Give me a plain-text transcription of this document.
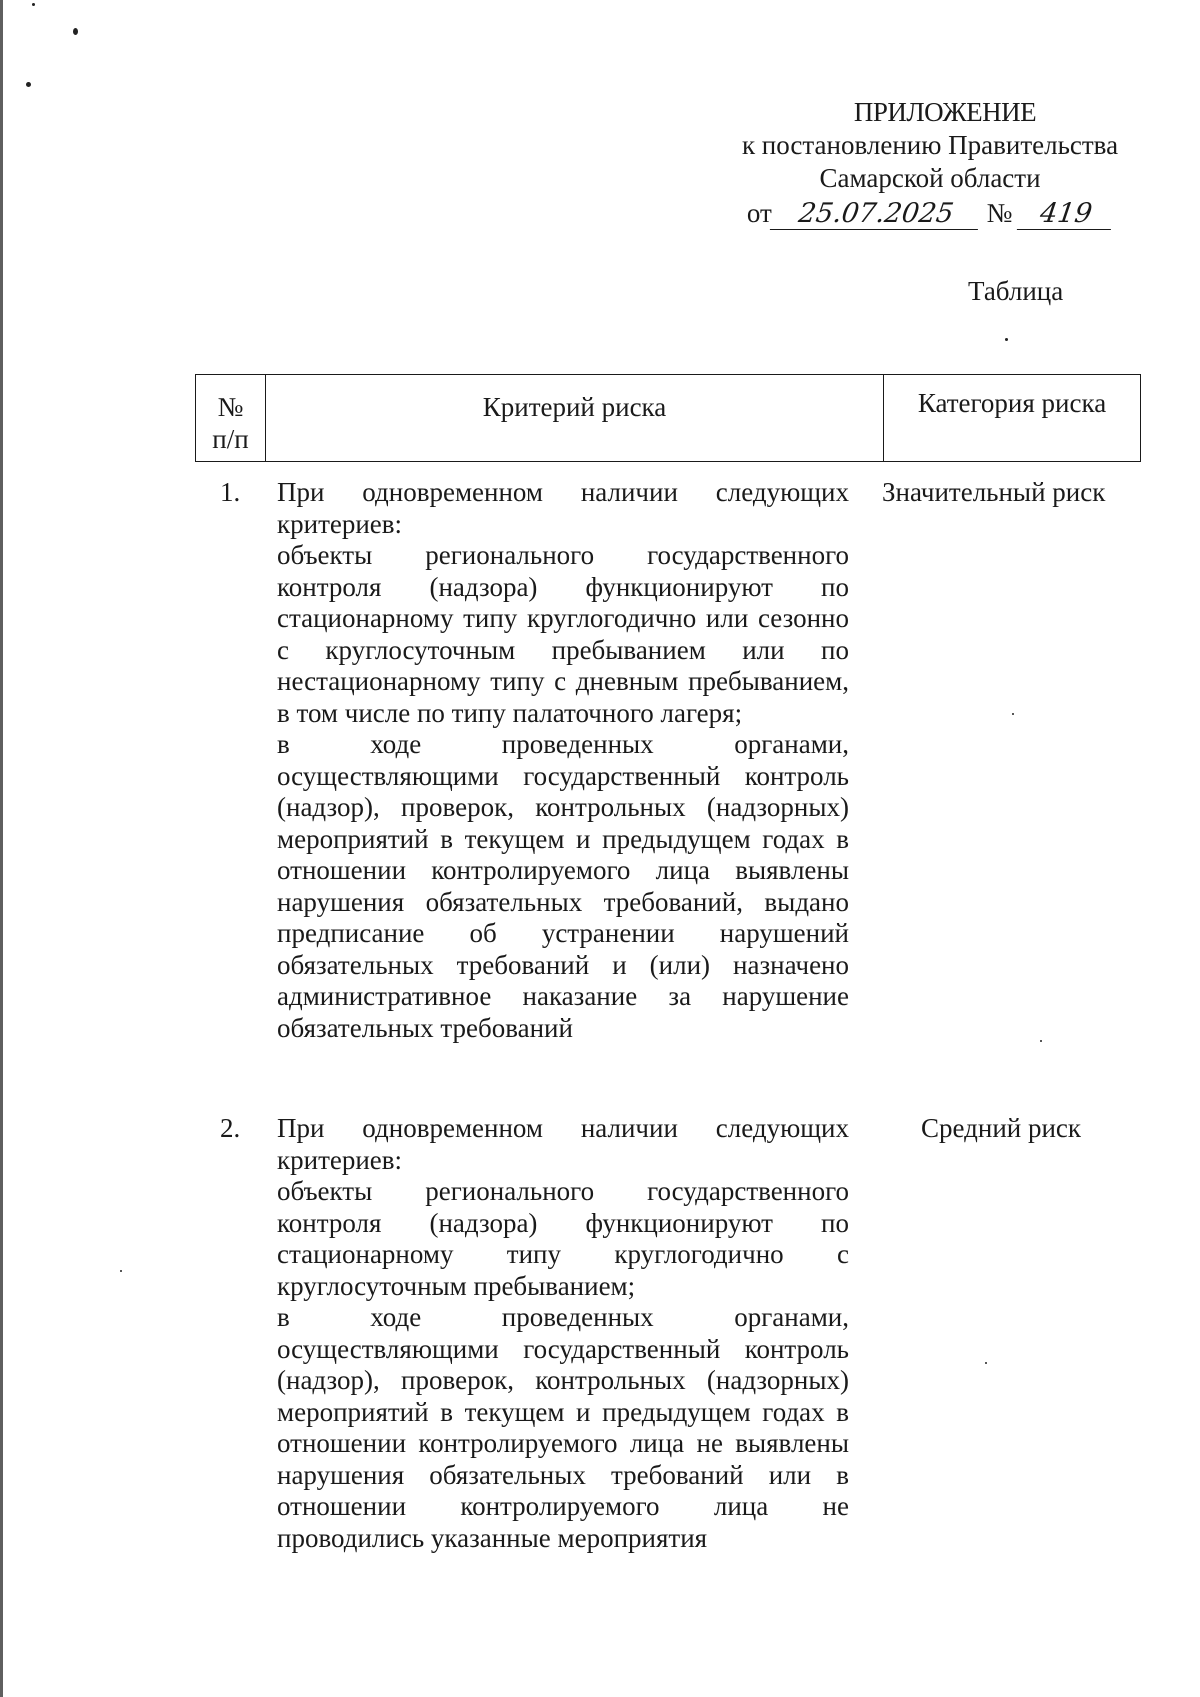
ПРИЛОЖЕНИЕ
к постановлению Правительства
Самарской области
от 25.07.2025 № 419
Таблица
№ п/п
Критерий риска	Категория риска
1. При одновременном наличии следующих критериев:

объекты регионального государственного контроля (надзора) функционируют по стационарному типу круглогодично или сезонно с круглосуточным пребыванием или по нестационарному типу с дневным пребыванием, в том числе по типу палаточного лагеря;

в ходе проведенных органами, осуществляющими государственный контроль (надзор), проверок, контрольных (надзорных) мероприятий в текущем и предыдущем годах в отношении контролируемого лица выявлены нарушения обязательных требований, выдано предписание об устранении нарушений обязательных требований и (или) назначено административное наказание за нарушение обязательных требований

Значительный риск
2. При одновременном наличии следующих критериев:

объекты регионального государственного контроля (надзора) функционируют по стационарному типу круглогодично с круглосуточным пребыванием;

в ходе проведенных органами, осуществляющими государственный контроль (надзор), проверок, контрольных (надзорных) мероприятий в текущем и предыдущем годах в отношении контролируемого лица не выявлены нарушения обязательных требований или в отношении контролируемого лица не проводились указанные мероприятия

Средний риск
